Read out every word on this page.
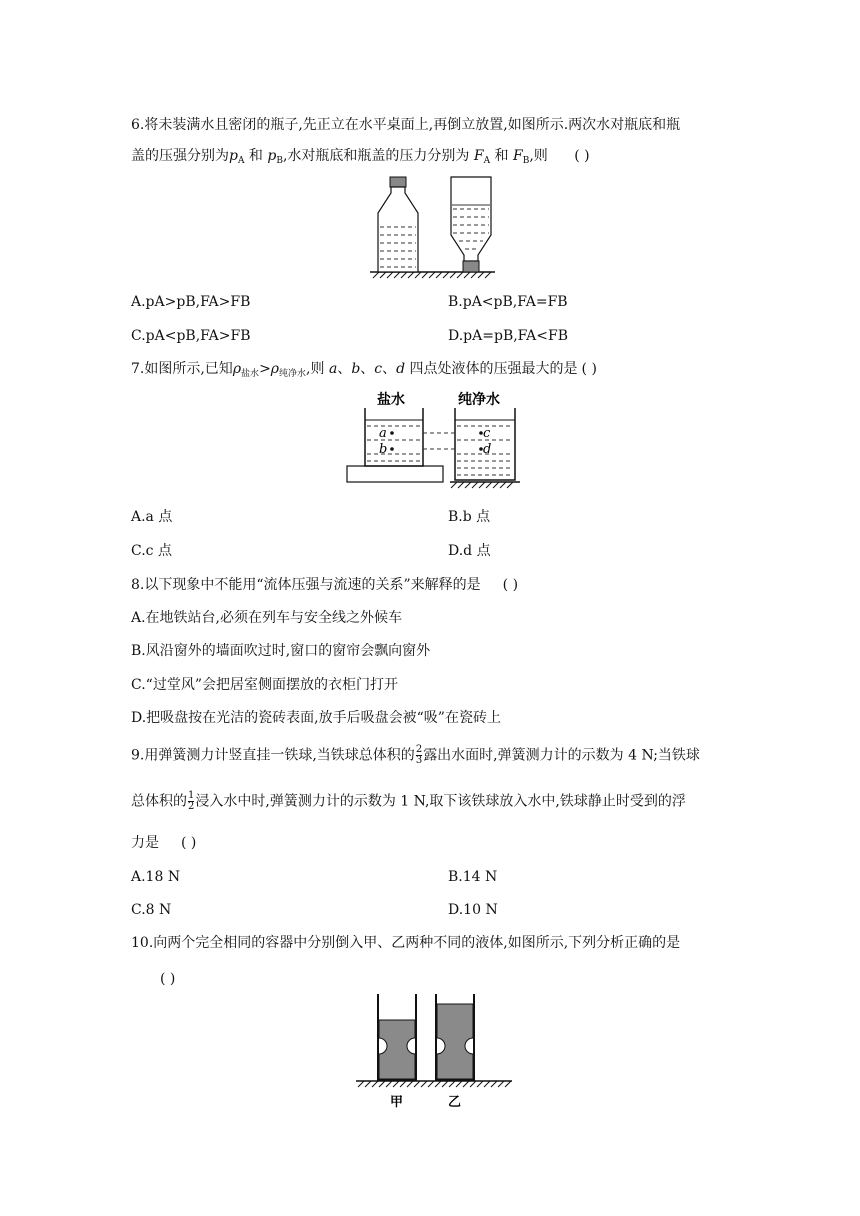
6.将未装满水且密闭的瓶子,先正立在水平桌面上,再倒立放置,如图所示.两次水对瓶底和瓶
盖的压强分别为$p_A$ 和 $p_B$,水对瓶底和瓶盖的压力分别为 $F_A$ 和 $F_B$,则 ( )
A.pA>pB,FA>FB	B.pA<pB,FA=FB
C.pA<pB,FA>FB	D.pA=pB,FA<FB
7.如图所示,已知$\rho_{盐水}>\rho_{纯净水}$,则 a、b、c、d 四点处液体的压强最大的是 ( )
盐水	纯净水
a
b
c
d
A.a 点	B.b 点
C.c 点	D.d 点
8.以下现象中不能用“流体压强与流速的关系”来解释的是 ( )
A.在地铁站台,必须在列车与安全线之外候车
B.风沿窗外的墙面吹过时,窗口的窗帘会飘向窗外
C.“过堂风”会把居室侧面摆放的衣柜门打开
D.把吸盘按在光洁的瓷砖表面,放手后吸盘会被“吸”在瓷砖上
9.用弹簧测力计竖直挂一铁球,当铁球总体积的 $\frac{2}{3}$ 露出水面时,弹簧测力计的示数为 4 N;当铁球
总体积的 $\frac{1}{2}$ 浸入水中时,弹簧测力计的示数为 1 N,取下该铁球放入水中,铁球静止时受到的浮
力是 ( )
A.18 N	B.14 N
C.8 N	D.10 N
10.向两个完全相同的容器中分别倒入甲、乙两种不同的液体,如图所示,下列分析正确的是
( )
甲	乙
